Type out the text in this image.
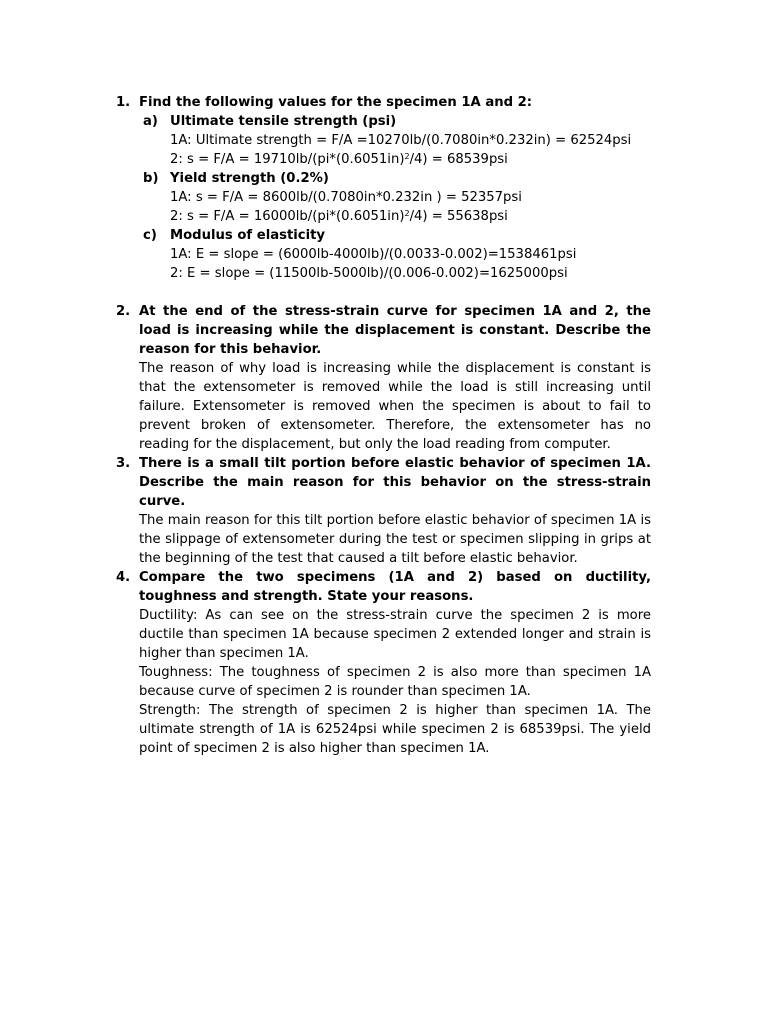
1. Find the following values for the specimen 1A and 2:
a) Ultimate tensile strength (psi)
1A: Ultimate strength = F/A =10270lb/(0.7080in*0.232in) = 62524psi
2: $s = F/A = 19710lb/(pi*(0.6051in)^2/4) = 68539psi$
b) Yield strength (0.2%)
1A: s = F/A = 8600lb/(0.7080in*0.232in ) = 52357psi
2: $s = F/A = 16000lb/(pi*(0.6051in)^2/4) = 55638psi$
c) Modulus of elasticity
1A: E = slope = (6000lb-4000lb)/(0.0033-0.002)=1538461psi
2: E = slope = (11500lb-5000lb)/(0.006-0.002)=1625000psi
2. At the end of the stress-strain curve for specimen 1A and 2, the load is increasing while the displacement is constant. Describe the reason for this behavior.
The reason of why load is increasing while the displacement is constant is that the extensometer is removed while the load is still increasing until failure. Extensometer is removed when the specimen is about to fail to prevent broken of extensometer. Therefore, the extensometer has no reading for the displacement, but only the load reading from computer.
3. There is a small tilt portion before elastic behavior of specimen 1A. Describe the main reason for this behavior on the stress-strain curve.
The main reason for this tilt portion before elastic behavior of specimen 1A is the slippage of extensometer during the test or specimen slipping in grips at the beginning of the test that caused a tilt before elastic behavior.
4. Compare the two specimens (1A and 2) based on ductility, toughness and strength. State your reasons.
Ductility: As can see on the stress-strain curve the specimen 2 is more ductile than specimen 1A because specimen 2 extended longer and strain is higher than specimen 1A.
Toughness: The toughness of specimen 2 is also more than specimen 1A because curve of specimen 2 is rounder than specimen 1A.
Strength: The strength of specimen 2 is higher than specimen 1A. The ultimate strength of 1A is 62524psi while specimen 2 is 68539psi. The yield point of specimen 2 is also higher than specimen 1A.
